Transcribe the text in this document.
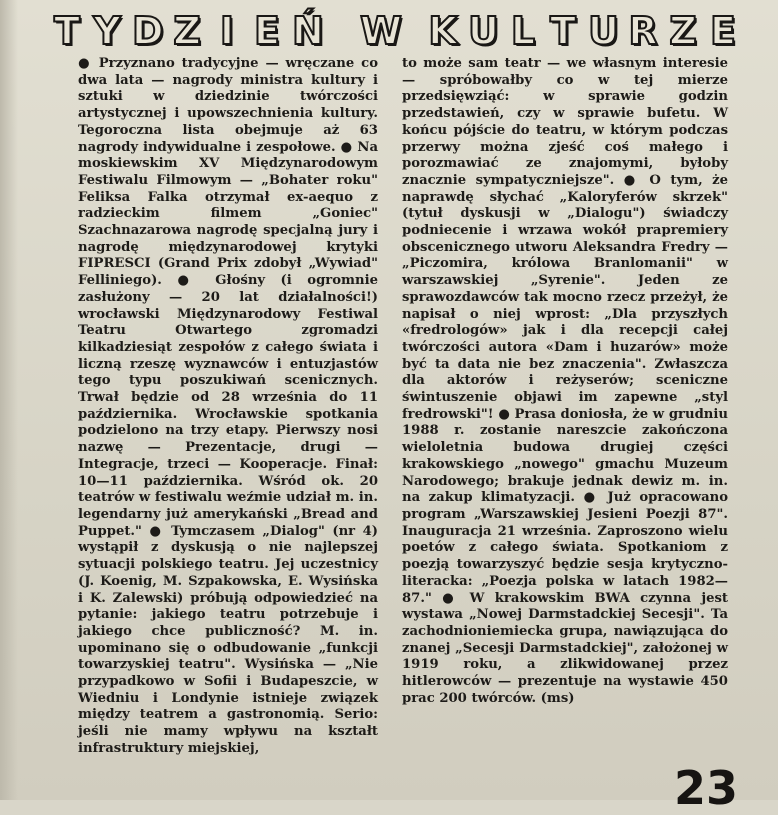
T Y D Z I E Ń W K U L T U R Z E

● Przyznano tradycyjne — wręczane co dwa lata — nagrody ministra kultury i sztuki w dziedzinie twórczości artystycznej i upowszechnienia kultury. Tegoroczna lista obejmuje aż 63 nagrody indywidualne i zespołowe. ● Na moskiewskim XV Międzynarodowym Festiwalu Filmowym — „Bohater roku" Feliksa Falka otrzymał ex-aequo z radzieckim filmem „Goniec" Szachnazarowa nagrodę specjalną jury i nagrodę międzynarodowej krytyki FIPRESCI (Grand Prix zdobył „Wywiad" Felliniego). ● Głośny (i ogromnie zasłużony — 20 lat działalności!) wrocławski Międzynarodowy Festiwal Teatru Otwartego zgromadzi kilkadziesiąt zespołów z całego świata i liczną rzeszę wyznawców i entuzjastów tego typu poszukiwań scenicznych. Trwał będzie od 28 września do 11 października. Wrocławskie spotkania podzielono na trzy etapy. Pierwszy nosi nazwę — Prezentacje, drugi — Integracje, trzeci — Kooperacje. Finał: 10—11 października. Wśród ok. 20 teatrów w festiwalu weźmie udział m. in. legendarny już amerykański „Bread and Puppet." ● Tymczasem „Dialog" (nr 4) wystąpił z dyskusją o nie najlepszej sytuacji polskiego teatru. Jej uczestnicy (J. Koenig, M. Szpakowska, E. Wysińska i K. Zalewski) próbują odpowiedzieć na pytanie: jakiego teatru potrzebuje i jakiego chce publiczność? M. in. upominano się o odbudowanie „funkcji towarzyskiej teatru". Wysińska — „Nie przypadkowo w Sofii i Budapeszcie, w Wiedniu i Londynie istnieje związek między teatrem a gastronomią. Serio: jeśli nie mamy wpływu na kształt infrastruktury miejskiej,

to może sam teatr — we własnym interesie — spróbowałby co w tej mierze przedsięwziąć: w sprawie godzin przedstawień, czy w sprawie bufetu. W końcu pójście do teatru, w którym podczas przerwy można zjeść coś małego i porozmawiać ze znajomymi, byłoby znacznie sympatyczniejsze". ● O tym, że naprawdę słychać „Kaloryferów skrzek" (tytuł dyskusji w „Dialogu") świadczy podniecenie i wrzawa wokół prapremiery obscenicznego utworu Aleksandra Fredry — „Piczomira, królowa Branlomanii" w warszawskiej „Syrenie". Jeden ze sprawozdawców tak mocno rzecz przeżył, że napisał o niej wprost: „Dla przyszłych «fredrologów» jak i dla recepcji całej twórczości autora «Dam i huzarów» może być ta data nie bez znaczenia". Zwłaszcza dla aktorów i reżyserów; sceniczne świntuszenie objawi im zapewne „styl fredrowski"! ● Prasa doniosła, że w grudniu 1988 r. zostanie nareszcie zakończona wieloletnia budowa drugiej części krakowskiego „nowego" gmachu Muzeum Narodowego; brakuje jednak dewiz m. in. na zakup klimatyzacji. ● Już opracowano program „Warszawskiej Jesieni Poezji 87". Inauguracja 21 września. Zaproszono wielu poetów z całego świata. Spotkaniom z poezją towarzyszyć będzie sesja krytyczno-literacka: „Poezja polska w latach 1982—87." ● W krakowskim BWA czynna jest wystawa „Nowej Darmstadckiej Secesji". Ta zachodnioniemiecka grupa, nawiązująca do znanej „Secesji Darmstadckiej", założonej w 1919 roku, a zlikwidowanej przez hitlerowców — prezentuje na wystawie 450 prac 200 twórców. (ms)

23
